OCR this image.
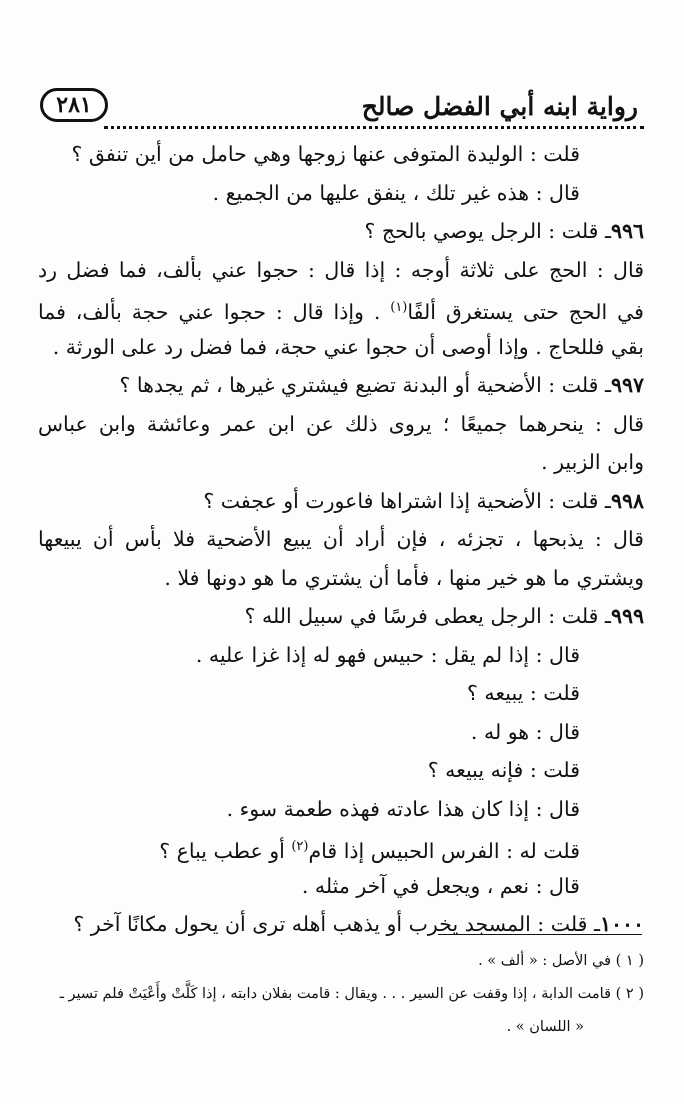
رواية ابنه أبي الفضل صالح
٢٨١
قلت : الوليدة المتوفى عنها زوجها وهي حامل من أين تنفق ؟
قال : هذه غير تلك ، ينفق عليها من الجميع .
٩٩٦ـ قلت : الرجل يوصي بالحج ؟
قال : الحج على ثلاثة أوجه : إذا قال : حجوا عني بألف، فما فضل رد
في الحج حتى يستغرق ألفًا$^{(١)}$ . وإذا قال : حجوا عني حجة بألف، فما
بقي فللحاج . وإذا أوصى أن حجوا عني حجة، فما فضل رد على الورثة .
٩٩٧ـ قلت : الأضحية أو البدنة تضيع فيشتري غيرها ، ثم يجدها ؟
قال : ينحرهما جميعًا ؛ يروى ذلك عن ابن عمر وعائشة وابن عباس
وابن الزبير .
٩٩٨ـ قلت : الأضحية إذا اشتراها فاعورت أو عجفت ؟
قال : يذبحها ، تجزئه ، فإن أراد أن يبيع الأضحية فلا بأس أن يبيعها
ويشتري ما هو خير منها ، فأما أن يشتري ما هو دونها فلا .
٩٩٩ـ قلت : الرجل يعطى فرسًا في سبيل الله ؟
قال : إذا لم يقل : حبيس فهو له إذا غزا عليه .
قلت : يبيعه ؟
قال : هو له .
قلت : فإنه يبيعه ؟
قال : إذا كان هذا عادته فهذه طعمة سوء .
قلت له : الفرس الحبيس إذا قام$^{(٢)}$ أو عطب يباع ؟
قال : نعم ، ويجعل في آخر مثله .
١٠٠٠ـ قلت : المسجد يخرب أو يذهب أهله ترى أن يحول مكانًا آخر ؟
( ١ ) في الأصل : « ألف » .
( ٢ ) قامت الدابة ، إذا وقفت عن السير . . . ويقال : قامت بفلان دابته ، إذا كَلَّتْ وأَعْيَتْ فلم تسير ـ
« اللسان » .
